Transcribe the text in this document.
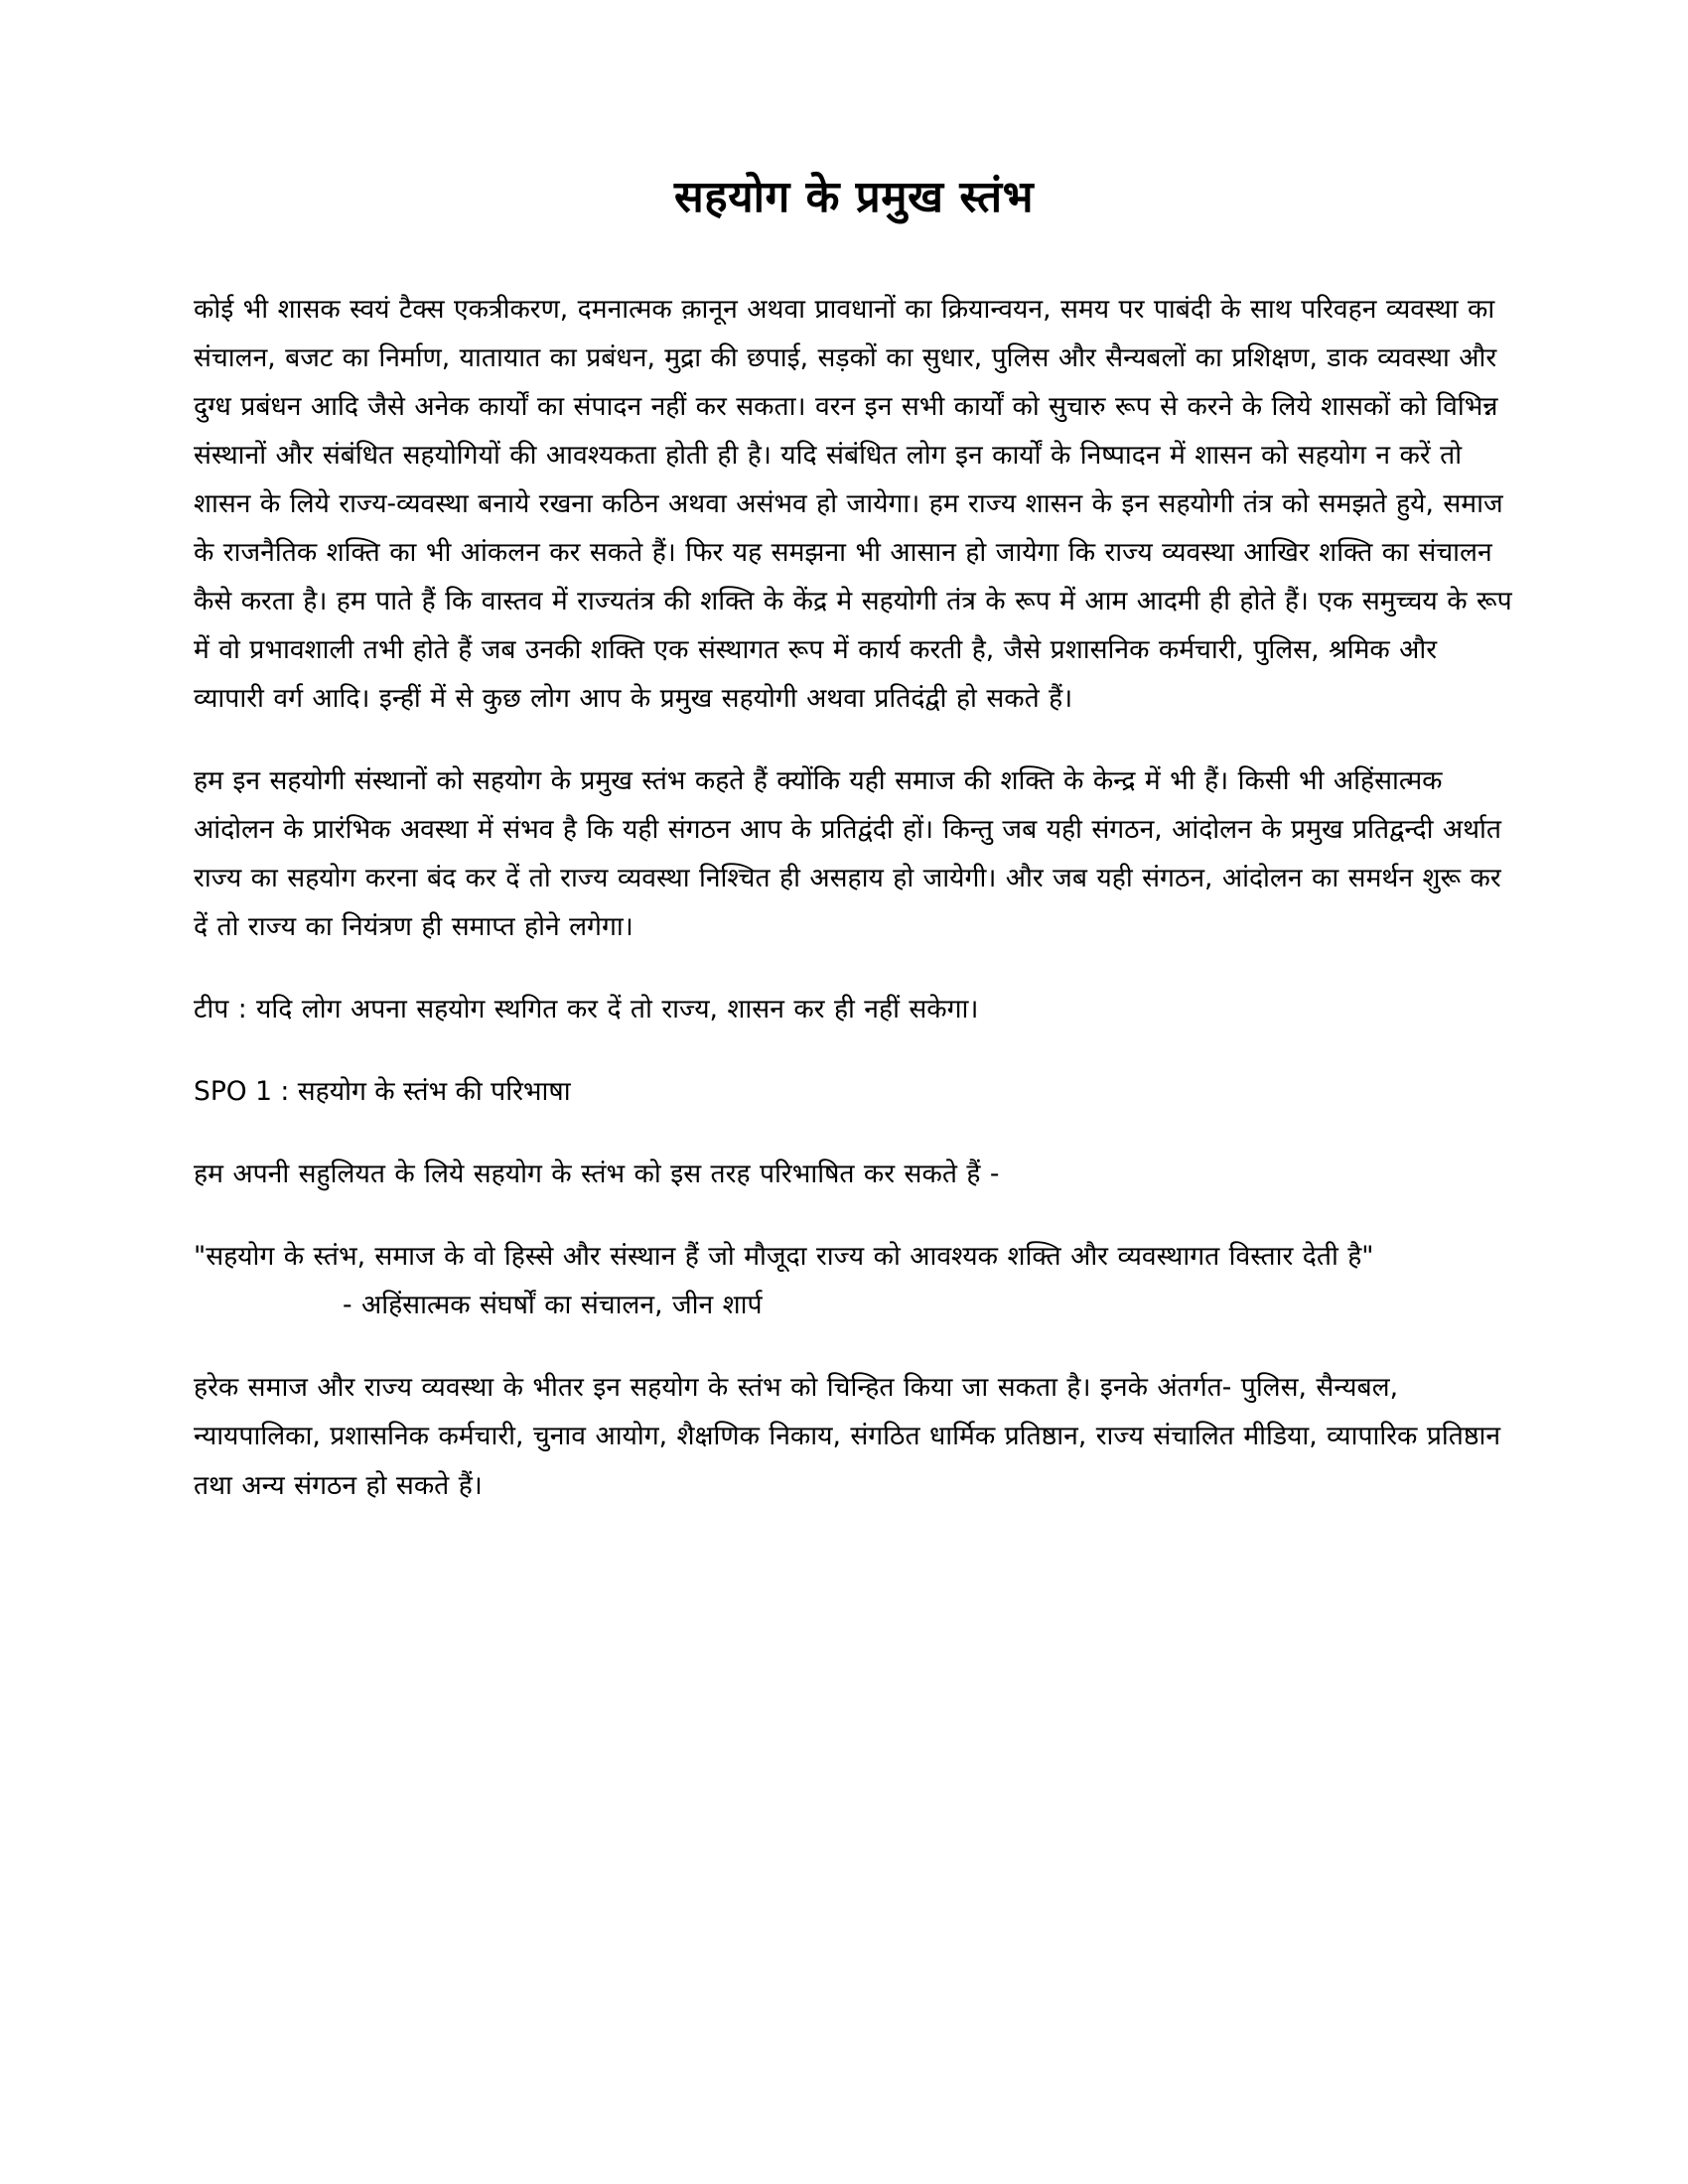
सहयोग के प्रमुख स्तंभ

कोई भी शासक स्वयं टैक्स एकत्रीकरण, दमनात्मक क़ानून अथवा प्रावधानों का क्रियान्वयन, समय पर पाबंदी के साथ परिवहन व्यवस्था का संचालन, बजट का निर्माण, यातायात का प्रबंधन, मुद्रा की छपाई, सड़कों का सुधार, पुलिस और सैन्यबलों का प्रशिक्षण, डाक व्यवस्था और दुग्ध प्रबंधन आदि जैसे अनेक कार्यों का संपादन नहीं कर सकता। वरन इन सभी कार्यों को सुचारु रूप से करने के लिये शासकों को विभिन्न संस्थानों और संबंधित सहयोगियों की आवश्यकता होती ही है। यदि संबंधित लोग इन कार्यों के निष्पादन में शासन को सहयोग न करें तो शासन के लिये राज्य-व्यवस्था बनाये रखना कठिन अथवा असंभव हो जायेगा। हम राज्य शासन के इन सहयोगी तंत्र को समझते हुये, समाज के राजनैतिक शक्ति का भी आंकलन कर सकते हैं। फिर यह समझना भी आसान हो जायेगा कि राज्य व्यवस्था आखिर शक्ति का संचालन कैसे करता है। हम पाते हैं कि वास्तव में राज्यतंत्र की शक्ति के केंद्र मे सहयोगी तंत्र के रूप में आम आदमी ही होते हैं। एक समुच्चय के रूप में वो प्रभावशाली तभी होते हैं जब उनकी शक्ति एक संस्थागत रूप में कार्य करती है, जैसे प्रशासनिक कर्मचारी, पुलिस, श्रमिक और व्यापारी वर्ग आदि। इन्हीं में से कुछ लोग आप के प्रमुख सहयोगी अथवा प्रतिदंद्वी हो सकते हैं।

हम इन सहयोगी संस्थानों को सहयोग के प्रमुख स्तंभ कहते हैं क्योंकि यही समाज की शक्ति के केन्द्र में भी हैं। किसी भी अहिंसात्मक आंदोलन के प्रारंभिक अवस्था में संभव है कि यही संगठन आप के प्रतिद्वंदी हों। किन्तु जब यही संगठन, आंदोलन के प्रमुख प्रतिद्वन्दी अर्थात राज्य का सहयोग करना बंद कर दें तो राज्य व्यवस्था निश्चित ही असहाय हो जायेगी। और जब यही संगठन, आंदोलन का समर्थन शुरू कर दें तो राज्य का नियंत्रण ही समाप्त होने लगेगा।

टीप : यदि लोग अपना सहयोग स्थगित कर दें तो राज्य, शासन कर ही नहीं सकेगा।

SPO 1 : सहयोग के स्तंभ की परिभाषा

हम अपनी सहुलियत के लिये सहयोग के स्तंभ को इस तरह परिभाषित कर सकते हैं -

"सहयोग के स्तंभ, समाज के वो हिस्से और संस्थान हैं जो मौजूदा राज्य को आवश्यक शक्ति और व्यवस्थागत विस्तार देती है" - अहिंसात्मक संघर्षों का संचालन, जीन शार्प

हरेक समाज और राज्य व्यवस्था के भीतर इन सहयोग के स्तंभ को चिन्हित किया जा सकता है। इनके अंतर्गत- पुलिस, सैन्यबल, न्यायपालिका, प्रशासनिक कर्मचारी, चुनाव आयोग, शैक्षणिक निकाय, संगठित धार्मिक प्रतिष्ठान, राज्य संचालित मीडिया, व्यापारिक प्रतिष्ठान तथा अन्य संगठन हो सकते हैं।
